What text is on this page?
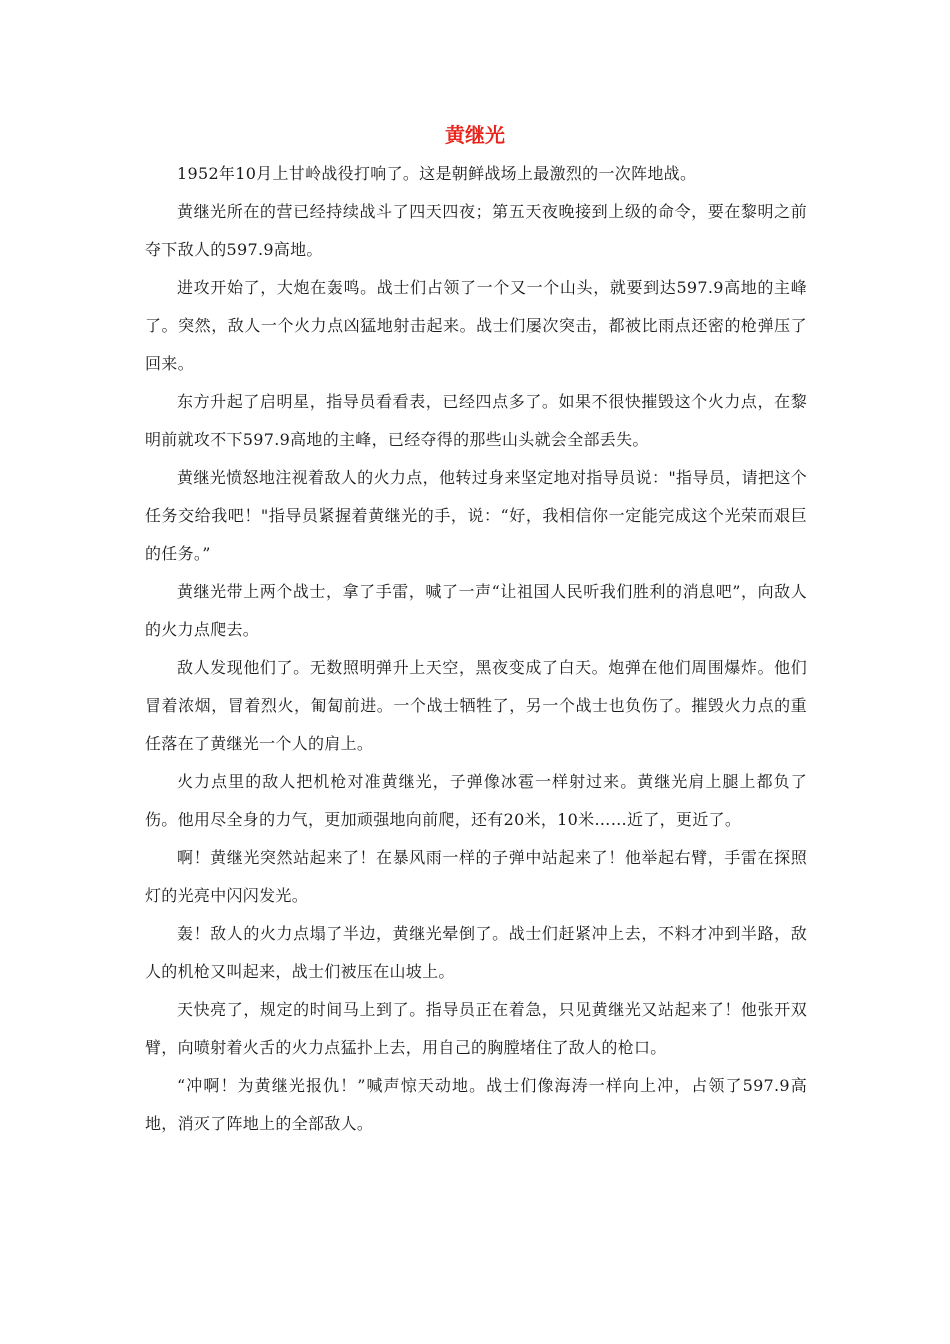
黄继光

1952年10月上甘岭战役打响了。这是朝鲜战场上最激烈的一次阵地战。

黄继光所在的营已经持续战斗了四天四夜；第五天夜晚接到上级的命令，要在黎明之前夺下敌人的597.9高地。

进攻开始了，大炮在轰鸣。战士们占领了一个又一个山头，就要到达597.9高地的主峰了。突然，敌人一个火力点凶猛地射击起来。战士们屡次突击，都被比雨点还密的枪弹压了回来。

东方升起了启明星，指导员看看表，已经四点多了。如果不很快摧毁这个火力点，在黎明前就攻不下597.9高地的主峰，已经夺得的那些山头就会全部丢失。

黄继光愤怒地注视着敌人的火力点，他转过身来坚定地对指导员说："指导员，请把这个任务交给我吧！"指导员紧握着黄继光的手，说：“好，我相信你一定能完成这个光荣而艰巨的任务。”

黄继光带上两个战士，拿了手雷，喊了一声“让祖国人民听我们胜利的消息吧”，向敌人的火力点爬去。

敌人发现他们了。无数照明弹升上天空，黑夜变成了白天。炮弹在他们周围爆炸。他们冒着浓烟，冒着烈火，匍匐前进。一个战士牺牲了，另一个战士也负伤了。摧毁火力点的重任落在了黄继光一个人的肩上。

火力点里的敌人把机枪对准黄继光，子弹像冰雹一样射过来。黄继光肩上腿上都负了伤。他用尽全身的力气，更加顽强地向前爬，还有20米，10米……近了，更近了。

啊！黄继光突然站起来了！在暴风雨一样的子弹中站起来了！他举起右臂，手雷在探照灯的光亮中闪闪发光。

轰！敌人的火力点塌了半边，黄继光晕倒了。战士们赶紧冲上去，不料才冲到半路，敌人的机枪又叫起来，战士们被压在山坡上。

天快亮了，规定的时间马上到了。指导员正在着急，只见黄继光又站起来了！他张开双臂，向喷射着火舌的火力点猛扑上去，用自己的胸膛堵住了敌人的枪口。

“冲啊！为黄继光报仇！”喊声惊天动地。战士们像海涛一样向上冲，占领了597.9高地，消灭了阵地上的全部敌人。
